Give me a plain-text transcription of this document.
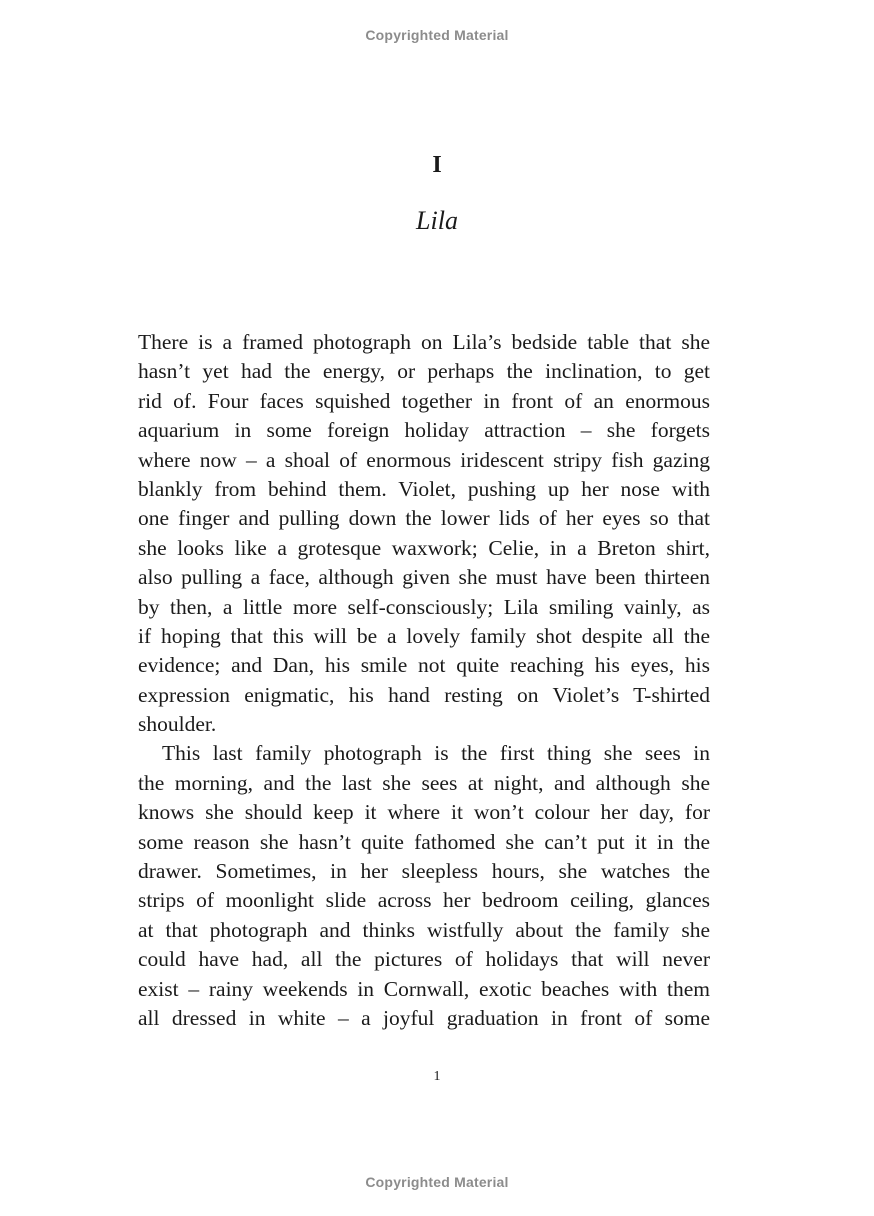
Copyrighted Material
I
Lila
There is a framed photograph on Lila’s bedside table that she
hasn’t yet had the energy, or perhaps the inclination, to get
rid of. Four faces squished together in front of an enormous
aquarium in some foreign holiday attraction – she forgets
where now – a shoal of enormous iridescent stripy fish gazing
blankly from behind them. Violet, pushing up her nose with
one finger and pulling down the lower lids of her eyes so that
she looks like a grotesque waxwork; Celie, in a Breton shirt,
also pulling a face, although given she must have been thirteen
by then, a little more self-consciously; Lila smiling vainly, as
if hoping that this will be a lovely family shot despite all the
evidence; and Dan, his smile not quite reaching his eyes, his
expression enigmatic, his hand resting on Violet’s T-shirted
shoulder.
This last family photograph is the first thing she sees in
the morning, and the last she sees at night, and although she
knows she should keep it where it won’t colour her day, for
some reason she hasn’t quite fathomed she can’t put it in the
drawer. Sometimes, in her sleepless hours, she watches the
strips of moonlight slide across her bedroom ceiling, glances
at that photograph and thinks wistfully about the family she
could have had, all the pictures of holidays that will never
exist – rainy weekends in Cornwall, exotic beaches with them
all dressed in white – a joyful graduation in front of some
1
Copyrighted Material
